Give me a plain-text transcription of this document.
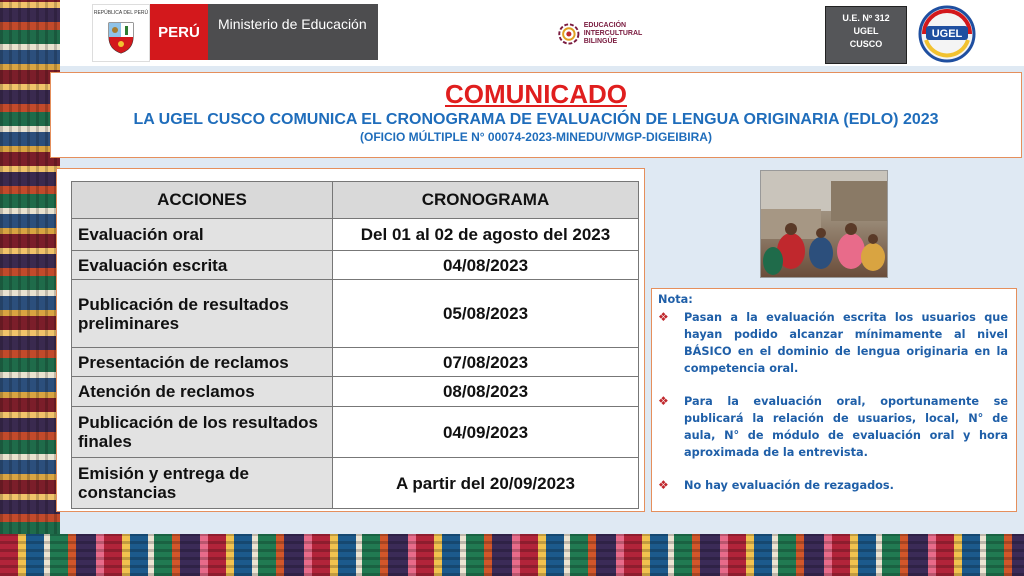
REPÚBLICA DEL PERÚ
PERÚ	Ministerio de Educación	EDUCACIÓN INTERCULTURAL BILINGÜE
U.E. Nº 312
UGEL
CUSCO
UGEL
COMUNICADO
LA UGEL CUSCO COMUNICA EL CRONOGRAMA DE EVALUACIÓN DE LENGUA ORIGINARIA (EDLO) 2023
(OFICIO MÚLTIPLE N° 00074-2023-MINEDU/VMGP-DIGEIBIRA)
ACCIONES	CRONOGRAMA
Evaluación oral	Del 01 al 02 de agosto del 2023
Evaluación escrita	04/08/2023
Publicación de resultados preliminares	05/08/2023
Presentación de reclamos	07/08/2023
Atención de reclamos	08/08/2023
Publicación de los resultados finales	04/09/2023
Emisión y entrega de constancias	A partir del 20/09/2023
Nota:
❖	Pasan a la evaluación escrita los usuarios que hayan podido alcanzar mínimamente al nivel BÁSICO en el dominio de lengua originaria en la competencia oral.
❖	Para la evaluación oral, oportunamente se publicará la relación de usuarios, local, N° de aula, N° de módulo de evaluación oral y hora aproximada de la entrevista.
❖	No hay evaluación de rezagados.
